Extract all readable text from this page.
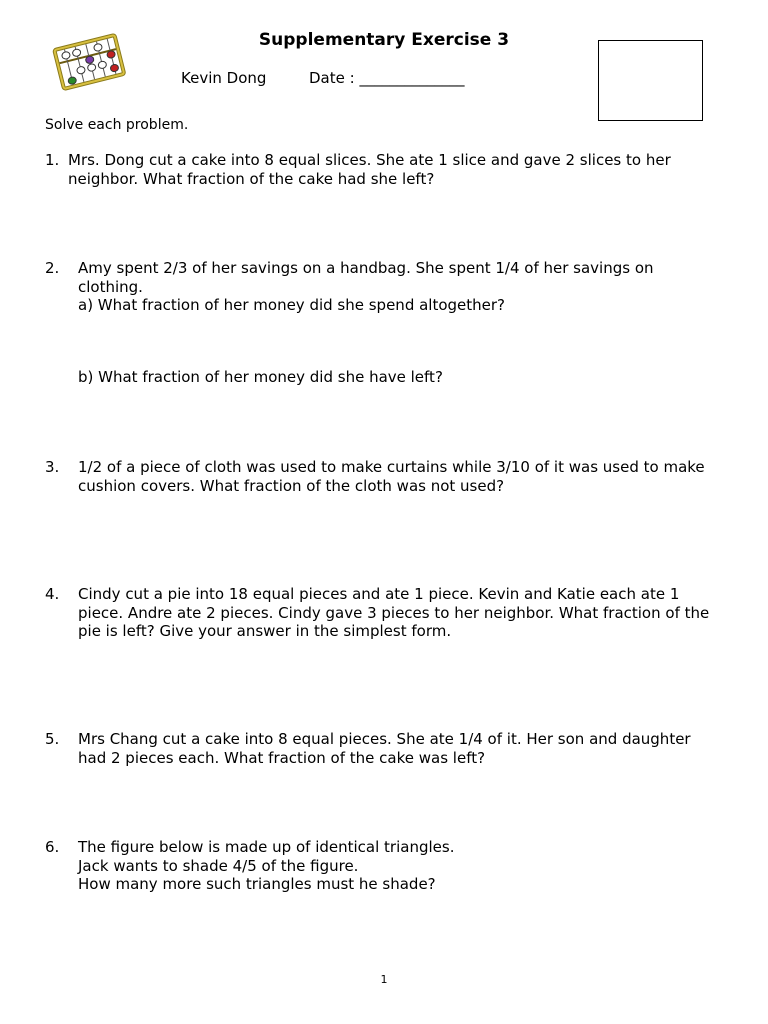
Supplementary Exercise 3
Kevin Dong	Date : ______________
Solve each problem.
1. Mrs. Dong cut a cake into 8 equal slices. She ate 1 slice and gave 2 slices to her
neighbor. What fraction of the cake had she left?
2. Amy spent 2/3 of her savings on a handbag. She spent 1/4 of her savings on
clothing.
a) What fraction of her money did she spend altogether?
b) What fraction of her money did she have left?
3. 1/2 of a piece of cloth was used to make curtains while 3/10 of it was used to make
cushion covers. What fraction of the cloth was not used?
4. Cindy cut a pie into 18 equal pieces and ate 1 piece. Kevin and Katie each ate 1
piece. Andre ate 2 pieces. Cindy gave 3 pieces to her neighbor. What fraction of the
pie is left? Give your answer in the simplest form.
5. Mrs Chang cut a cake into 8 equal pieces. She ate 1/4 of it. Her son and daughter
had 2 pieces each. What fraction of the cake was left?
6. The figure below is made up of identical triangles.
Jack wants to shade 4/5 of the figure.
How many more such triangles must he shade?
1
